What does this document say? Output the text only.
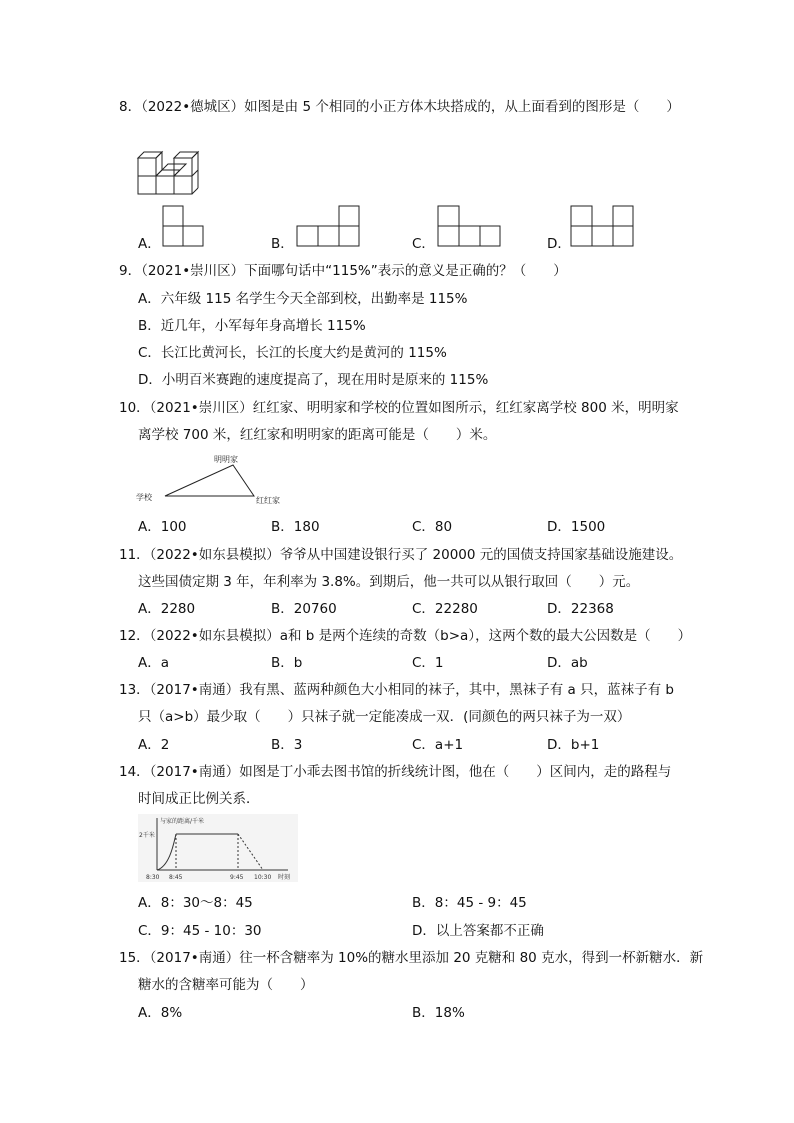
8．（2022•德城区）如图是由 5 个相同的小正方体木块搭成的，从上面看到的图形是（　　）
A．	B．	C．	D．
9．（2021•崇川区）下面哪句话中“115%”表示的意义是正确的？（　　）
A．六年级 115 名学生今天全部到校，出勤率是 115%
B．近几年，小军每年身高增长 115%
C．长江比黄河长，长江的长度大约是黄河的 115%
D．小明百米赛跑的速度提高了，现在用时是原来的 115%
10．（2021•崇川区）红红家、明明家和学校的位置如图所示，红红家离学校 800 米，明明家
离学校 700 米，红红家和明明家的距离可能是（　　）米。
明明家
学校	红红家
A．100	B．180	C．80	D．1500
11．（2022•如东县模拟）爷爷从中国建设银行买了 20000 元的国债支持国家基础设施建设。
这些国债定期 3 年，年利率为 3.8%。到期后，他一共可以从银行取回（　　）元。
A．2280	B．20760	C．22280	D．22368
12．（2022•如东县模拟）a和 b 是两个连续的奇数（b>a），这两个数的最大公因数是（　　）
A．a	B．b	C．1	D．ab
13．（2017•南通）我有黑、蓝两种颜色大小相同的袜子，其中，黑袜子有 a 只，蓝袜子有 b
只（a>b）最少取（　　）只袜子就一定能凑成一双．(同颜色的两只袜子为一双）
A．2	B．3	C．a+1	D．b+1
14．（2017•南通）如图是丁小乖去图书馆的折线统计图，他在（　　）区间内，走的路程与
时间成正比例关系．
与家的距离/千米
2千米
8:30 8:45	9:45 10:30 时刻
A．8：30～8：45	B．8：45 - 9：45
C．9：45 - 10：30	D．以上答案都不正确
15．（2017•南通）往一杯含糖率为 10%的糖水里添加 20 克糖和 80 克水，得到一杯新糖水．新
糖水的含糖率可能为（　　）
A．8%	B．18%
